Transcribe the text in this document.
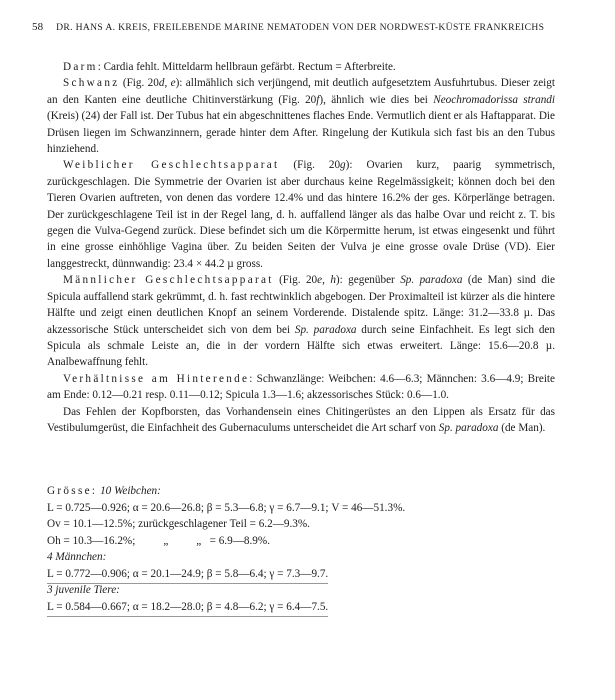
58 DR. HANS A. KREIS, FREILEBENDE MARINE NEMATODEN VON DER NORDWEST-KÜSTE FRANKREICHS

Darm: Cardia fehlt. Mitteldarm hellbraun gefärbt. Rectum = Afterbreite.

Schwanz (Fig. 20d, e): allmählich sich verjüngend, mit deutlich aufgesetztem Ausfuhrtubus. Dieser zeigt an den Kanten eine deutliche Chitinverstärkung (Fig. 20f), ähnlich wie dies bei Neochromadorissa strandi (Kreis) (24) der Fall ist. Der Tubus hat ein abgeschnittenes flaches Ende. Vermutlich dient er als Haftapparat. Die Drüsen liegen im Schwanzinnern, gerade hinter dem After. Ringelung der Kutikula sich fast bis an den Tubus hinziehend.

Weiblicher Geschlechtsapparat (Fig. 20g): Ovarien kurz, paarig symmetrisch, zurückgeschlagen. Die Symmetrie der Ovarien ist aber durchaus keine Regelmässigkeit; können doch bei den Tieren Ovarien auftreten, von denen das vordere 12.4% und das hintere 16.2% der ges. Körperlänge betragen. Der zurückgeschlagene Teil ist in der Regel lang, d. h. auffallend länger als das halbe Ovar und reicht z. T. bis gegen die Vulva-Gegend zurück. Diese befindet sich um die Körpermitte herum, ist etwas eingesenkt und führt in eine grosse einhöhlige Vagina über. Zu beiden Seiten der Vulva je eine grosse ovale Drüse (VD). Eier langgestreckt, dünnwandig: 23.4 × 44.2 µ gross.

Männlicher Geschlechtsapparat (Fig. 20e, h): gegenüber Sp. paradoxa (de Man) sind die Spicula auffallend stark gekrümmt, d. h. fast rechtwinklich abgebogen. Der Proximalteil ist kürzer als die hintere Hälfte und zeigt einen deutlichen Knopf an seinem Vorderende. Distalende spitz. Länge: 31.2—33.8 µ. Das akzessorische Stück unterscheidet sich von dem bei Sp. paradoxa durch seine Einfachheit. Es legt sich den Spicula als schmale Leiste an, die in der vordern Hälfte sich etwas erweitert. Länge: 15.6—20.8 µ. Analbewaffnung fehlt.

Verhältnisse am Hinterende: Schwanzlänge: Weibchen: 4.6—6.3; Männchen: 3.6—4.9; Breite am Ende: 0.12—0.21 resp. 0.11—0.12; Spicula 1.3—1.6; akzessorisches Stück: 0.6—1.0.

Das Fehlen der Kopfborsten, das Vorhandensein eines Chitingerüstes an den Lippen als Ersatz für das Vestibulumgerüst, die Einfachheit des Gubernaculums unterscheidet die Art scharf von Sp. paradoxa (de Man).

Grösse: 10 Weibchen:
L = 0.725—0.926; α = 20.6—26.8; β = 5.3—6.8; γ = 6.7—9.1; V = 46—51.3%.
Ov = 10.1—12.5%; zurückgeschlagener Teil = 6.2—9.3%.
Oh = 10.3—16.2%;          „          „   = 6.9—8.9%.
4 Männchen:
L = 0.772—0.906; α = 20.1—24.9; β = 5.8—6.4; γ = 7.3—9.7.
3 juvenile Tiere:
L = 0.584—0.667; α = 18.2—28.0; β = 4.8—6.2; γ = 6.4—7.5.
